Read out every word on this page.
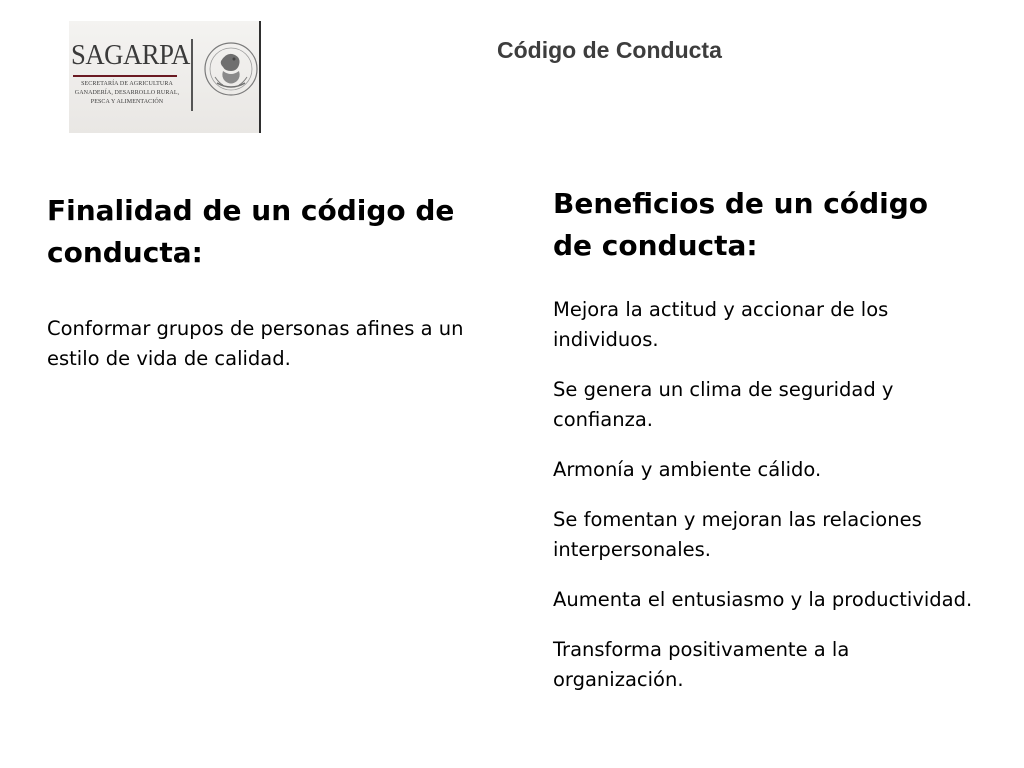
SAGARPA
SECRETARÍA DE AGRICULTURA
GANADERÍA, DESARROLLO RURAL,
PESCA Y ALIMENTACIÓN
Código de Conducta
Finalidad de un código de conducta:

Conformar grupos de personas afines a un estilo de vida de calidad.

Beneficios de un código de conducta:
Mejora la actitud y accionar de los individuos.
Se genera un clima de seguridad y confianza.
Armonía y ambiente cálido.
Se fomentan y mejoran las relaciones interpersonales.
Aumenta el entusiasmo y la productividad.
Transforma positivamente a la organización.
